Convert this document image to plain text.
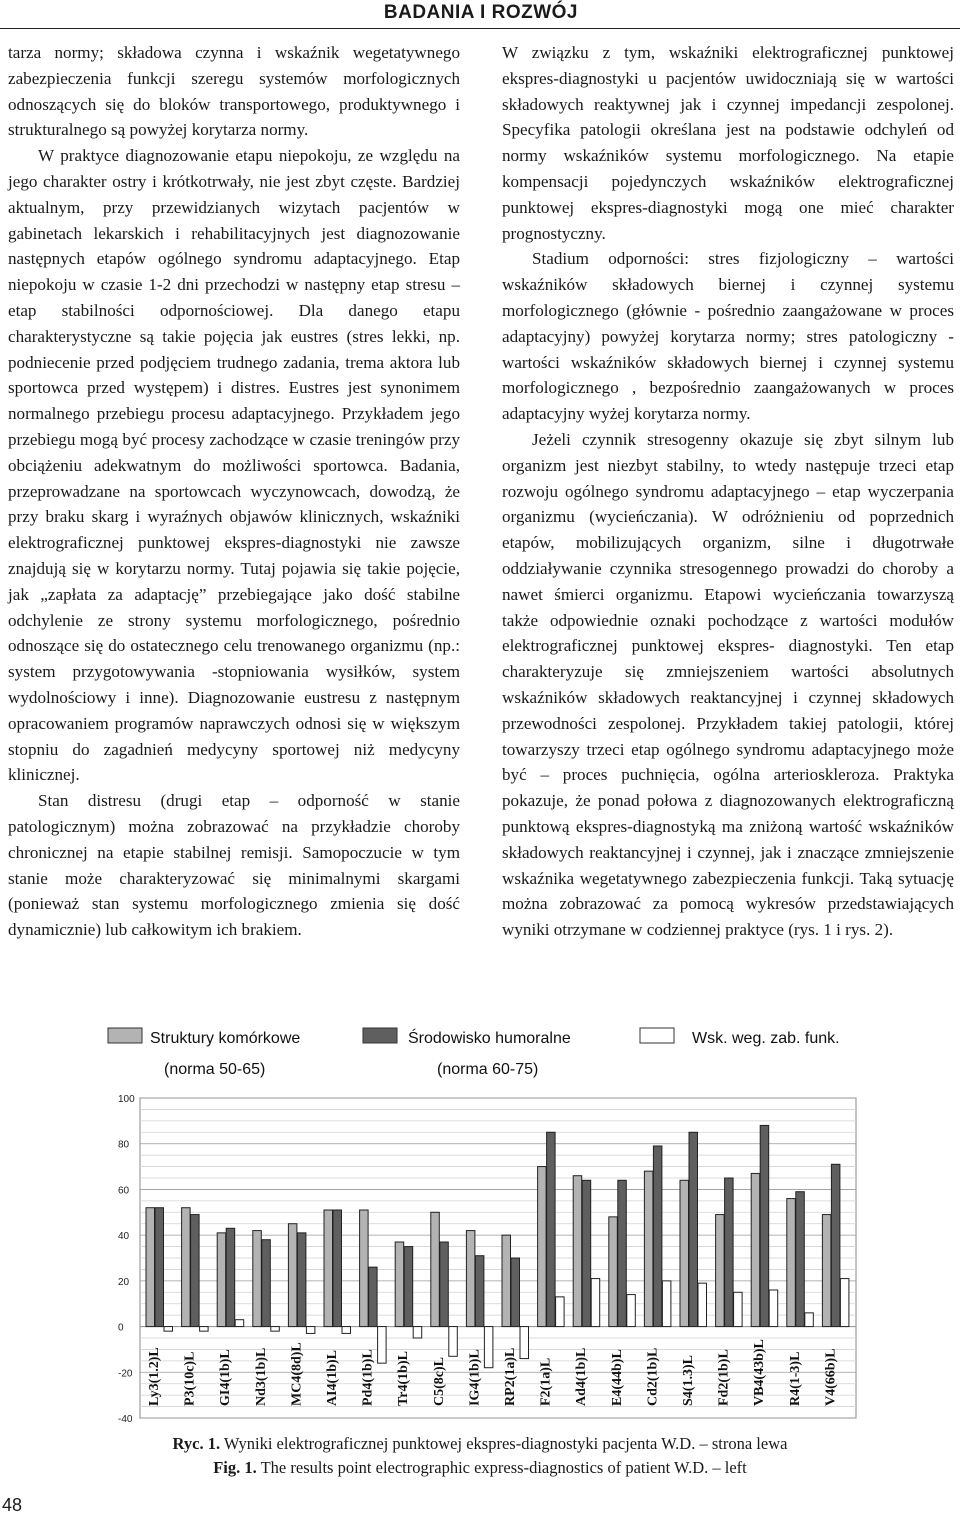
BADANIA I ROZWÓJ

tarza normy; składowa czynna i wskaźnik wegetatywnego zabezpieczenia funkcji szeregu systemów morfologicznych odnoszących się do bloków transportowego, produktywnego i strukturalnego są powyżej korytarza normy.

W praktyce diagnozowanie etapu niepokoju, ze względu na jego charakter ostry i krótkotrwały, nie jest zbyt częste. Bardziej aktualnym, przy przewidzianych wizytach pacjentów w gabinetach lekarskich i rehabilitacyjnych jest diagnozowanie następnych etapów ogólnego syndromu adaptacyjnego. Etap niepokoju w czasie 1-2 dni przechodzi w następny etap stresu – etap stabilności odpornościowej. Dla danego etapu charakterystyczne są takie pojęcia jak eustres (stres lekki, np. podniecenie przed podjęciem trudnego zadania, trema aktora lub sportowca przed występem) i distres. Eustres jest synonimem normalnego przebiegu procesu adaptacyjnego. Przykładem jego przebiegu mogą być procesy zachodzące w czasie treningów przy obciążeniu adekwatnym do możliwości sportowca. Badania, przeprowadzane na sportowcach wyczynowcach, dowodzą, że przy braku skarg i wyraźnych objawów klinicznych, wskaźniki elektrograficznej punktowej ekspres-diagnostyki nie zawsze znajdują się w korytarzu normy. Tutaj pojawia się takie pojęcie, jak „zapłata za adaptację” przebiegające jako dość stabilne odchylenie ze strony systemu morfologicznego, pośrednio odnoszące się do ostatecznego celu trenowanego organizmu (np.: system przygotowywania -stopniowania wysiłków, system wydolnościowy i inne). Diagnozowanie eustresu z następnym opracowaniem programów naprawczych odnosi się w większym stopniu do zagadnień medycyny sportowej niż medycyny klinicznej.

Stan distresu (drugi etap – odporność w stanie patologicznym) można zobrazować na przykładzie choroby chronicznej na etapie stabilnej remisji. Samopoczucie w tym stanie może charakteryzować się minimalnymi skargami (ponieważ stan systemu morfologicznego zmienia się dość dynamicznie) lub całkowitym ich brakiem.

W związku z tym, wskaźniki elektrograficznej punktowej ekspres-diagnostyki u pacjentów uwidoczniają się w wartości składowych reaktywnej jak i czynnej impedancji zespolonej. Specyfika patologii określana jest na podstawie odchyleń od normy wskaźników systemu morfologicznego. Na etapie kompensacji pojedynczych wskaźników elektrograficznej punktowej ekspres-diagnostyki mogą one mieć charakter prognostyczny.

Stadium odporności: stres fizjologiczny – wartości wskaźników składowych biernej i czynnej systemu morfologicznego (głównie - pośrednio zaangażowane w proces adaptacyjny) powyżej korytarza normy; stres patologiczny - wartości wskaźników składowych biernej i czynnej systemu morfologicznego , bezpośrednio zaangażowanych w proces adaptacyjny wyżej korytarza normy.

Jeżeli czynnik stresogenny okazuje się zbyt silnym lub organizm jest niezbyt stabilny, to wtedy następuje trzeci etap rozwoju ogólnego syndromu adaptacyjnego – etap wyczerpania organizmu (wycieńczania). W odróżnieniu od poprzednich etapów, mobilizujących organizm, silne i długotrwałe oddziaływanie czynnika stresogennego prowadzi do choroby a nawet śmierci organizmu. Etapowi wycieńczania towarzyszą także odpowiednie oznaki pochodzące z wartości modułów elektrograficznej punktowej ekspres- diagnostyki. Ten etap charakteryzuje się zmniejszeniem wartości absolutnych wskaźników składowych reaktancyjnej i czynnej składowych przewodności zespolonej. Przykładem takiej patologii, której towarzyszy trzeci etap ogólnego syndromu adaptacyjnego może być – proces puchnięcia, ogólna arterioskleroza. Praktyka pokazuje, że ponad połowa z diagnozowanych elektrograficzną punktową ekspres-diagnostyką ma zniżoną wartość wskaźników składowych reaktancyjnej i czynnej, jak i znaczące zmniejszenie wskaźnika wegetatywnego zabezpieczenia funkcji. Taką sytuację można zobrazować za pomocą wykresów przedstawiających wyniki otrzymane w codziennej praktyce (rys. 1 i rys. 2).

Struktury komórkowe
(norma 50-65)
Środowisko humoralne
(norma 60-75)
Wsk. weg. zab. funk.
100
80
60
40
20
0
-20
-40
Ly3(1.2)L P3(10c)L GI4(1b)L Nd3(1b)L MC4(8d)L AI4(1b)L Pd4(1b)L Tr4(1b)L C5(8c)L IG4(1b)L RP2(1a)L F2(1a)L Ad4(1b)L E4(44b)L Cd2(1b)L S4(1.3)L Fd2(1b)L VB4(43b)L R4(1-3)L V4(66b)L
Ryc. 1. Wyniki elektrograficznej punktowej ekspres-diagnostyki pacjenta W.D. – strona lewa
Fig. 1. The results point electrographic express-diagnostics of patient W.D. – left
48
